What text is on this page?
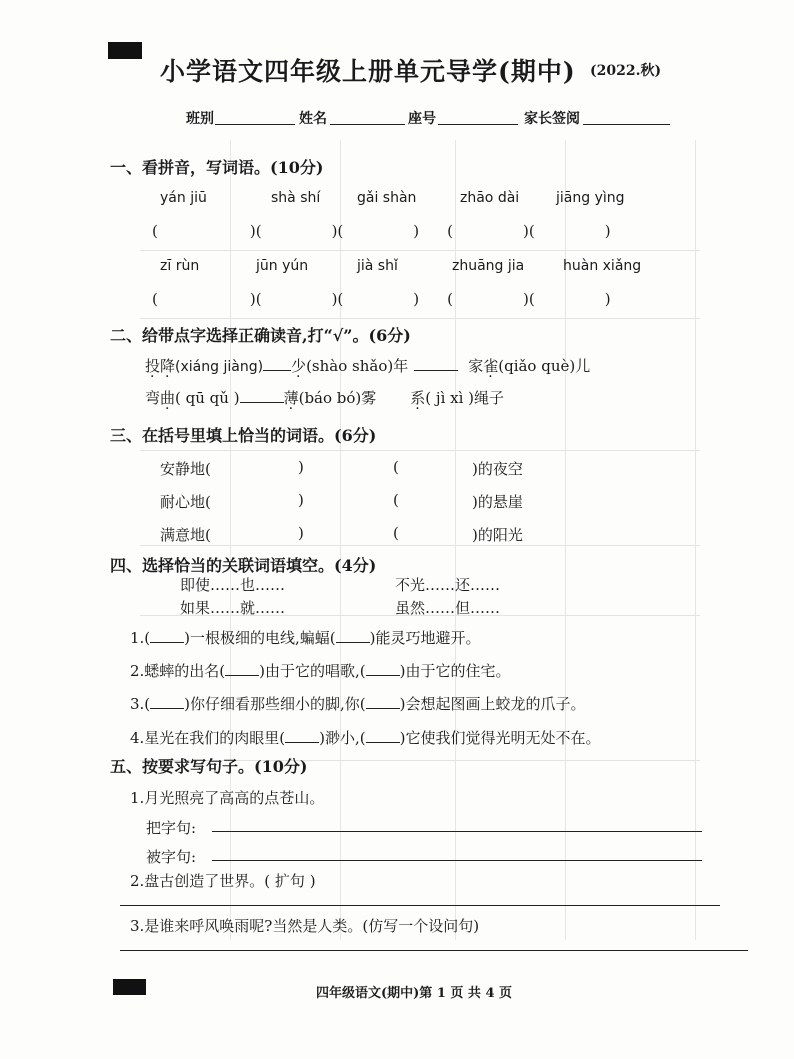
小学语文四年级上册单元导学(期中) (2022.秋)
班别	姓名	座号	家长签阅
一、看拼音，写词语。(10分)
yán jiū	shà shí	gǎi shàn	zhāo dài	jiāng yìng
(	)(	)(	) (	)(	)
zī rùn	jūn yún	jià shǐ	zhuāng jia	huàn xiǎng
(	)(	)(	) (	)(	)
二、给带点字选择正确读音,打“√”。(6分)
投降(xiáng jiàng) 少(shào shǎo)年	家雀(qiǎo què)儿
弯曲( qū qǔ )	薄(báo bó)雾 系( jì xì )绳子
三、在括号里填上恰当的词语。(6分)
安静地(	)	(	)的夜空
耐心地(	)	(	)的悬崖
满意地(	)	(	)的阳光
四、选择恰当的关联词语填空。(4分)
即使……也……	不光……还……
如果……就……	虽然……但……
1.( )一根极细的电线,蝙蝠( )能灵巧地避开。
2.蟋蟀的出名( )由于它的唱歌,( )由于它的住宅。
3.( )你仔细看那些细小的脚,你( )会想起图画上蛟龙的爪子。
4.星光在我们的肉眼里( )渺小,( )它使我们觉得光明无处不在。
五、按要求写句子。(10分)
1.月光照亮了高高的点苍山。
把字句:
被字句:
2.盘古创造了世界。( 扩句 )
3.是谁来呼风唤雨呢?当然是人类。(仿写一个设问句)
四年级语文(期中)第 1 页 共 4 页
